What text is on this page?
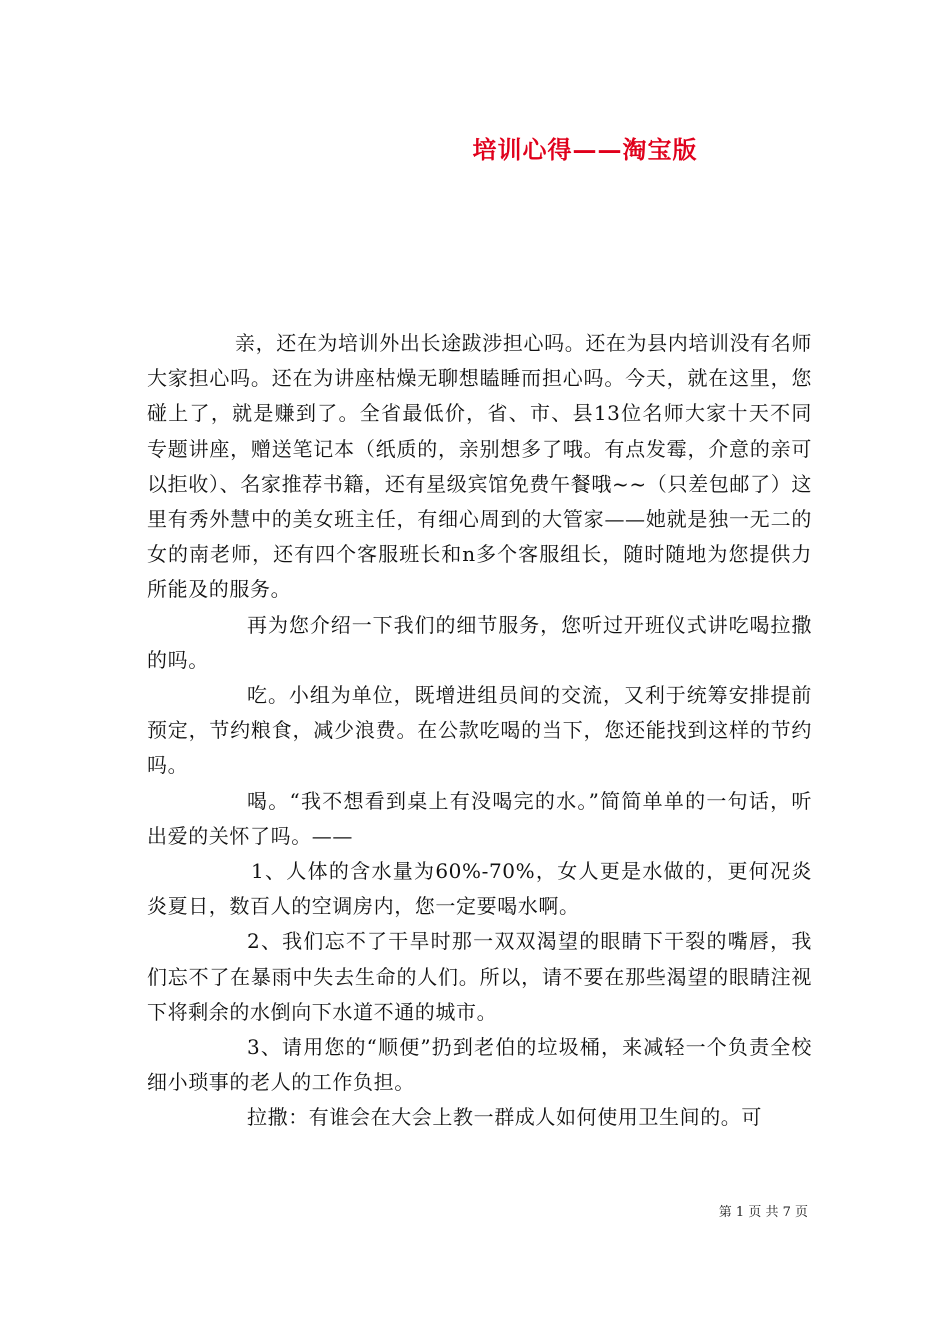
培训心得——淘宝版

亲，还在为培训外出长途跋涉担心吗。还在为县内培训没有名师大家担心吗。还在为讲座枯燥无聊想瞌睡而担心吗。今天，就在这里，您碰上了，就是赚到了。全省最低价，省、市、县13位名师大家十天不同专题讲座，赠送笔记本（纸质的，亲别想多了哦。有点发霉，介意的亲可以拒收）、名家推荐书籍，还有星级宾馆免费午餐哦~~（只差包邮了）这里有秀外慧中的美女班主任，有细心周到的大管家——她就是独一无二的女的南老师，还有四个客服班长和n多个客服组长，随时随地为您提供力所能及的服务。

再为您介绍一下我们的细节服务，您听过开班仪式讲吃喝拉撒的吗。

吃。小组为单位，既增进组员间的交流，又利于统筹安排提前预定，节约粮食，减少浪费。在公款吃喝的当下，您还能找到这样的节约吗。

喝。“我不想看到桌上有没喝完的水。”简简单单的一句话，听出爱的关怀了吗。——

1、人体的含水量为60%-70%，女人更是水做的，更何况炎炎夏日，数百人的空调房内，您一定要喝水啊。

2、我们忘不了干旱时那一双双渴望的眼睛下干裂的嘴唇，我们忘不了在暴雨中失去生命的人们。所以，请不要在那些渴望的眼睛注视下将剩余的水倒向下水道不通的城市。

3、请用您的“顺便”扔到老伯的垃圾桶，来减轻一个负责全校细小琐事的老人的工作负担。

拉撒：有谁会在大会上教一群成人如何使用卫生间的。可

第 1 页 共 7 页
